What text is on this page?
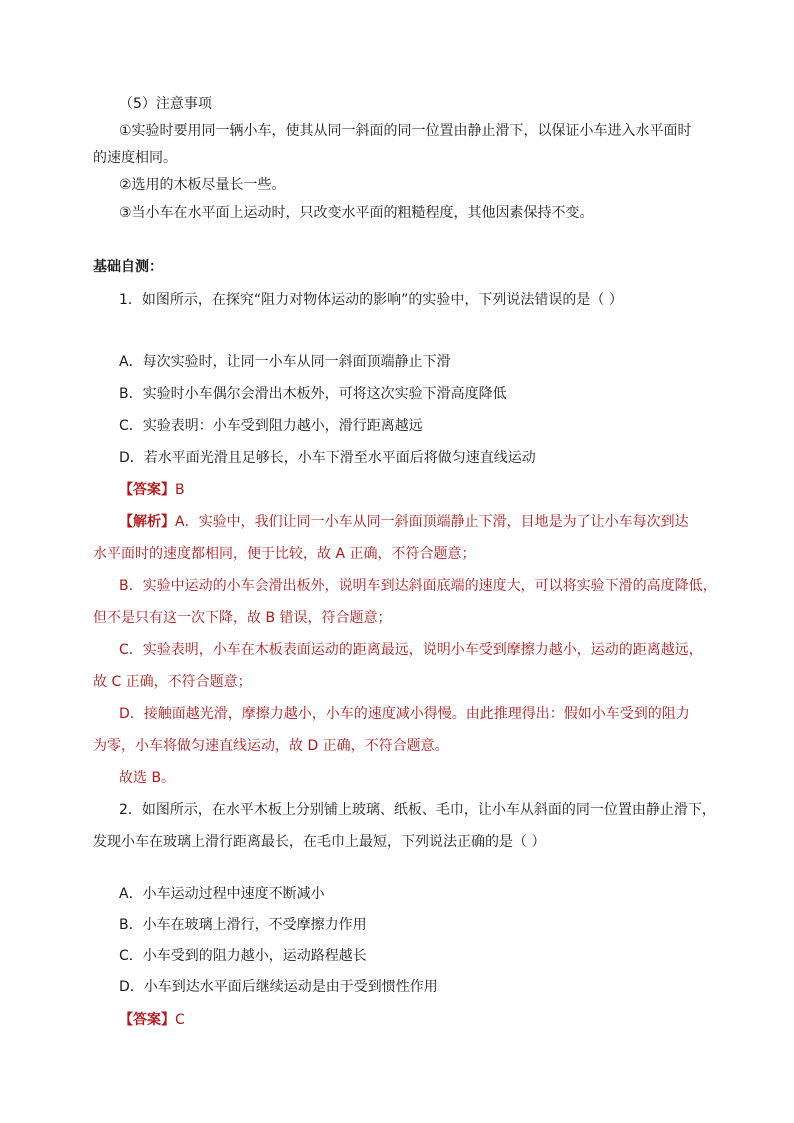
（5）注意事项
①实验时要用同一辆小车，使其从同一斜面的同一位置由静止滑下，以保证小车进入水平面时
的速度相同。
②选用的木板尽量长一些。
③当小车在水平面上运动时，只改变水平面的粗糙程度，其他因素保持不变。
基础自测：
1．如图所示，在探究“阻力对物体运动的影响”的实验中，下列说法错误的是（ ）
A．每次实验时，让同一小车从同一斜面顶端静止下滑
B．实验时小车偶尔会滑出木板外，可将这次实验下滑高度降低
C．实验表明：小车受到阻力越小，滑行距离越远
D．若水平面光滑且足够长，小车下滑至水平面后将做匀速直线运动
【答案】B
【解析】A．实验中，我们让同一小车从同一斜面顶端静止下滑，目地是为了让小车每次到达
水平面时的速度都相同，便于比较，故 A 正确，不符合题意；
B．实验中运动的小车会滑出板外，说明车到达斜面底端的速度大，可以将实验下滑的高度降低，
但不是只有这一次下降，故 B 错误，符合题意；
C．实验表明，小车在木板表面运动的距离最远，说明小车受到摩擦力越小，运动的距离越远，
故 C 正确，不符合题意；
D．接触面越光滑，摩擦力越小，小车的速度减小得慢。由此推理得出：假如小车受到的阻力
为零，小车将做匀速直线运动，故 D 正确，不符合题意。
故选 B。
2．如图所示，在水平木板上分别铺上玻璃、纸板、毛巾，让小车从斜面的同一位置由静止滑下，
发现小车在玻璃上滑行距离最长，在毛巾上最短，下列说法正确的是（ ）
A．小车运动过程中速度不断减小
B．小车在玻璃上滑行，不受摩擦力作用
C．小车受到的阻力越小，运动路程越长
D．小车到达水平面后继续运动是由于受到惯性作用
【答案】C
